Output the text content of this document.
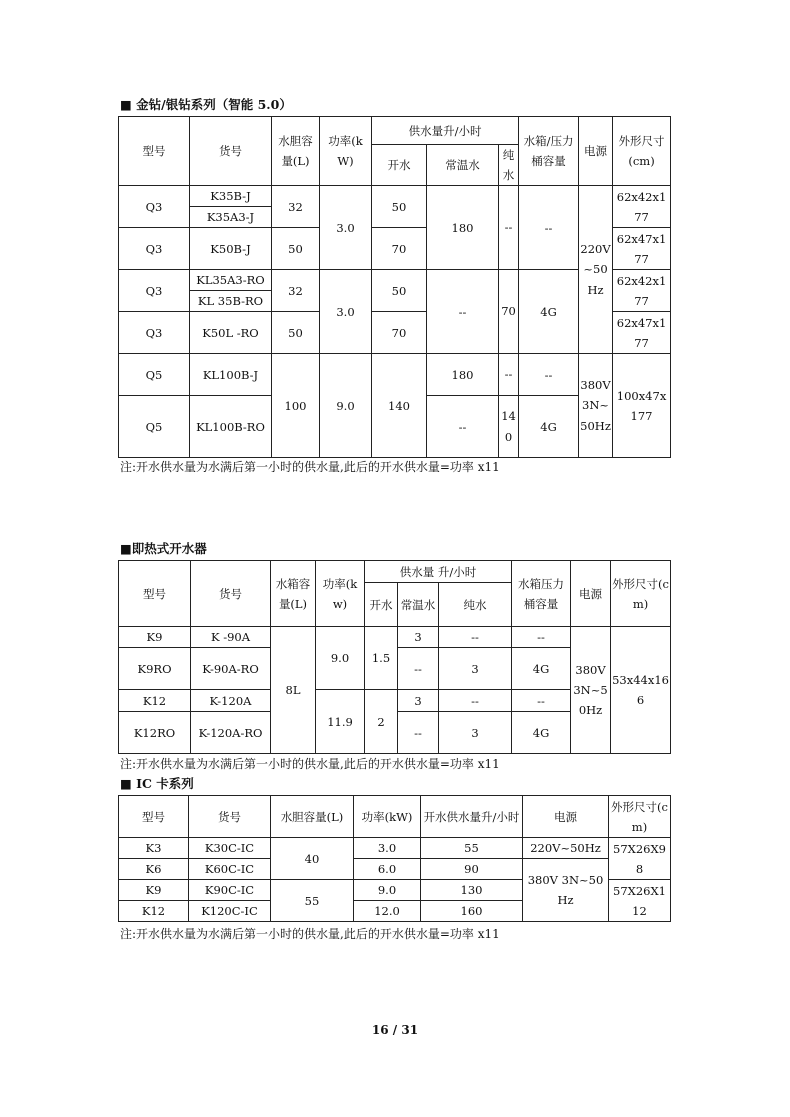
■ 金钻/银钻系列（智能 5.0）
型号	货号	水胆容量(L)	功率(kW)	供水量升/小时			水箱/压力桶容量	电源	外形尺寸(cm)
				开水	常温水	纯水			
Q3	K35B-J	32	3.0	50	180	--	--	220V~50Hz	62x42x177
	K35A3-J								
Q3	K50B-J	50		70					62x47x177

Q3	KL35A3-RO	32	3.0	50	--	70	4G		62x42x177
	KL 35B-RO								
Q3	K50L -RO	50		70					62x47x177

Q5	KL100B-J	100	9.0	140	180	--	--	380V3N~50Hz	100x47x177
Q5	KL100B-RO				--	140	4G		
注:开水供水量为水满后第一小时的供水量,此后的开水供水量=功率 x11
■即热式开水器
型号	货号	水箱容量(L)	功率(kw)	供水量 升/小时			水箱压力桶容量	电源	外形尺寸(cm)
				开水	常温水	纯水			
K9	K -90A	8L	9.0	1.5	3	--	--	380V3N~50Hz	53x44x166
K9RO	K-90A-RO				--	3	4G		
K12	K-120A		11.9	2	3	--	--		
K12RO	K-120A-RO				--	3	4G		
注:开水供水量为水满后第一小时的供水量,此后的开水供水量=功率 x11
■ IC 卡系列
型号	货号	水胆容量(L)	功率(kW)	开水供水量升/小时	电源	外形尺寸(cm)
K3	K30C-IC	40	3.0	55	220V~50Hz	57X26X98
K6	K60C-IC		6.0	90	380V 3N~50Hz	
K9	K90C-IC	55	9.0	130		57X26X112
K12	K120C-IC		12.0	160		
注:开水供水量为水满后第一小时的供水量,此后的开水供水量=功率 x11
16 / 31
